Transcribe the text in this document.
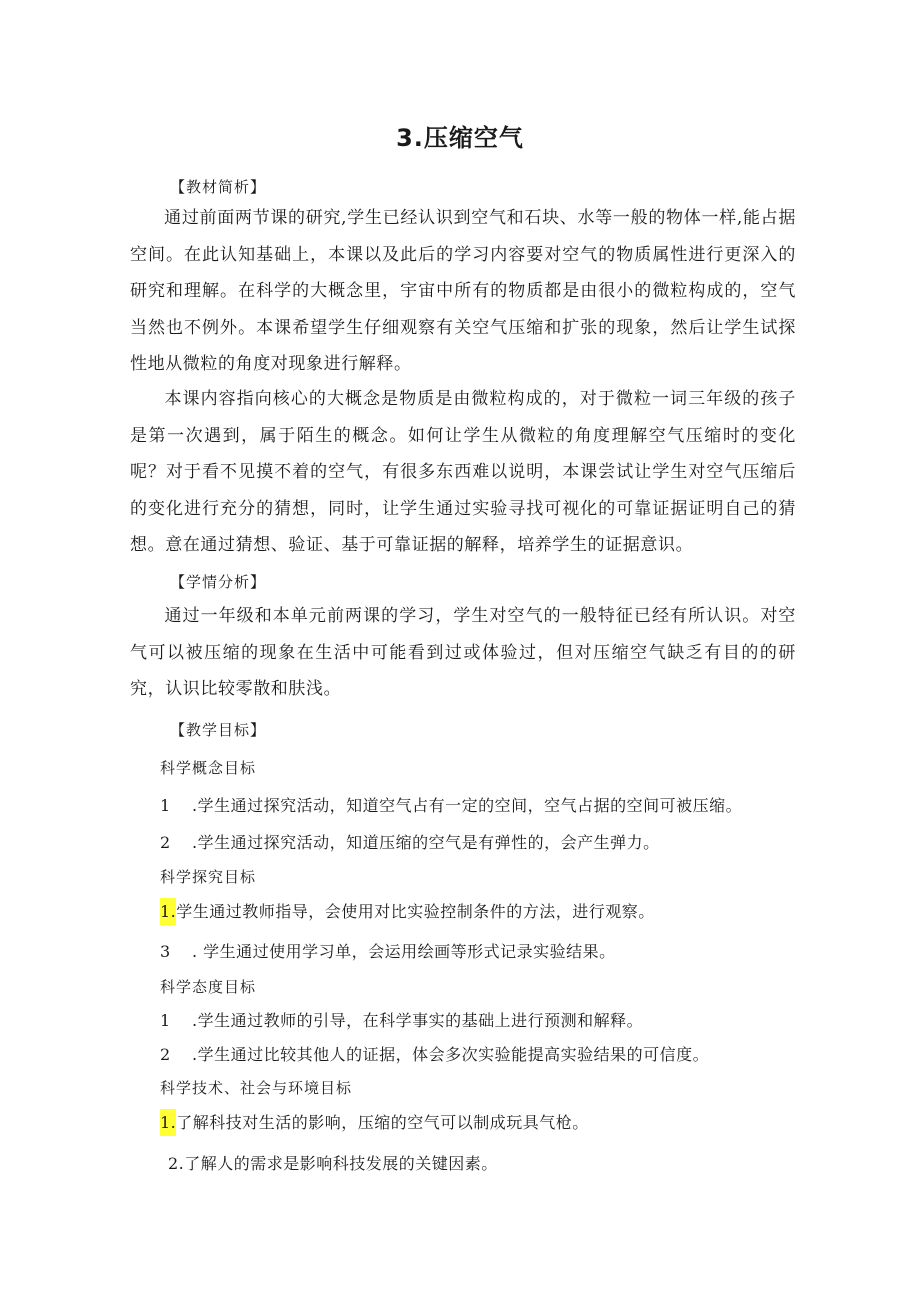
3.压缩空气
【教材简析】
通过前面两节课的研究,学生已经认识到空气和石块、水等一般的物体一样,能占据空间。在此认知基础上，本课以及此后的学习内容要对空气的物质属性进行更深入的研究和理解。在科学的大概念里，宇宙中所有的物质都是由很小的微粒构成的，空气当然也不例外。本课希望学生仔细观察有关空气压缩和扩张的现象，然后让学生试探性地从微粒的角度对现象进行解释。
本课内容指向核心的大概念是物质是由微粒构成的，对于微粒一词三年级的孩子是第一次遇到，属于陌生的概念。如何让学生从微粒的角度理解空气压缩时的变化呢？对于看不见摸不着的空气，有很多东西难以说明，本课尝试让学生对空气压缩后的变化进行充分的猜想，同时，让学生通过实验寻找可视化的可靠证据证明自己的猜想。意在通过猜想、验证、基于可靠证据的解释，培养学生的证据意识。
【学情分析】
通过一年级和本单元前两课的学习，学生对空气的一般特征已经有所认识。对空气可以被压缩的现象在生活中可能看到过或体验过，但对压缩空气缺乏有目的的研究，认识比较零散和肤浅。
【教学目标】
科学概念目标
1 .学生通过探究活动，知道空气占有一定的空间，空气占据的空间可被压缩。
2 .学生通过探究活动，知道压缩的空气是有弹性的，会产生弹力。
科学探究目标
1.学生通过教师指导，会使用对比实验控制条件的方法，进行观察。
3 . 学生通过使用学习单，会运用绘画等形式记录实验结果。
科学态度目标
1 .学生通过教师的引导，在科学事实的基础上进行预测和解释。
2 .学生通过比较其他人的证据，体会多次实验能提高实验结果的可信度。
科学技术、社会与环境目标
1.了解科技对生活的影响，压缩的空气可以制成玩具气枪。
2.了解人的需求是影响科技发展的关键因素。
